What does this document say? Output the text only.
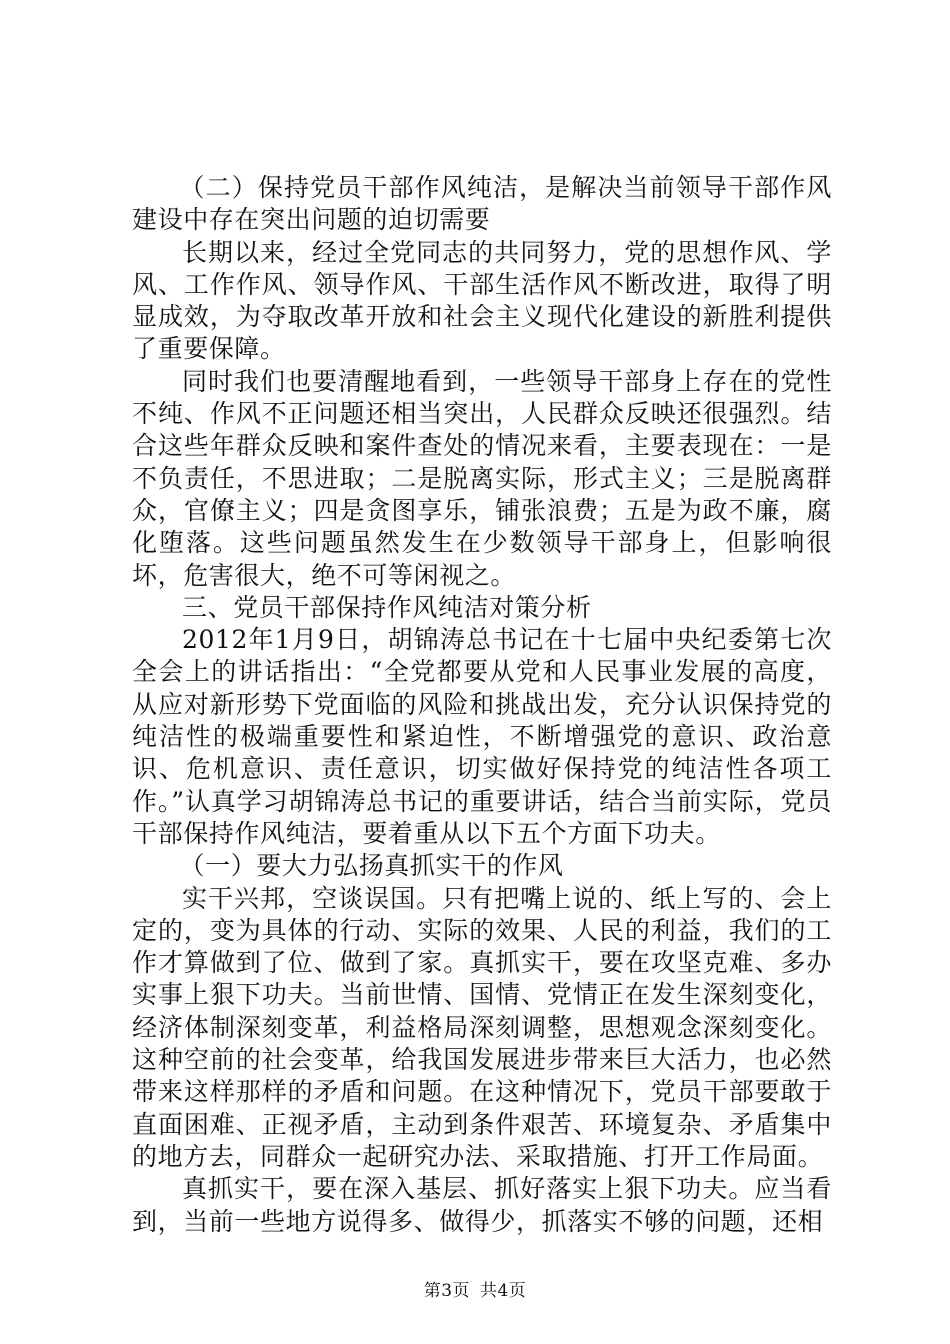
（二）保持党员干部作风纯洁，是解决当前领导干部作风建设中存在突出问题的迫切需要

长期以来，经过全党同志的共同努力，党的思想作风、学风、工作作风、领导作风、干部生活作风不断改进，取得了明显成效，为夺取改革开放和社会主义现代化建设的新胜利提供了重要保障。

同时我们也要清醒地看到，一些领导干部身上存在的党性不纯、作风不正问题还相当突出，人民群众反映还很强烈。结合这些年群众反映和案件查处的情况来看，主要表现在：一是不负责任，不思进取；二是脱离实际，形式主义；三是脱离群众，官僚主义；四是贪图享乐，铺张浪费；五是为政不廉，腐化堕落。这些问题虽然发生在少数领导干部身上，但影响很坏，危害很大，绝不可等闲视之。

三、党员干部保持作风纯洁对策分析

2012年1月9日，胡锦涛总书记在十七届中央纪委第七次全会上的讲话指出：“全党都要从党和人民事业发展的高度，从应对新形势下党面临的风险和挑战出发，充分认识保持党的纯洁性的极端重要性和紧迫性，不断增强党的意识、政治意识、危机意识、责任意识，切实做好保持党的纯洁性各项工作。”认真学习胡锦涛总书记的重要讲话，结合当前实际，党员干部保持作风纯洁，要着重从以下五个方面下功夫。

（一）要大力弘扬真抓实干的作风

实干兴邦，空谈误国。只有把嘴上说的、纸上写的、会上定的，变为具体的行动、实际的效果、人民的利益，我们的工作才算做到了位、做到了家。真抓实干，要在攻坚克难、多办实事上狠下功夫。当前世情、国情、党情正在发生深刻变化，经济体制深刻变革，利益格局深刻调整，思想观念深刻变化。这种空前的社会变革，给我国发展进步带来巨大活力，也必然带来这样那样的矛盾和问题。在这种情况下，党员干部要敢于直面困难、正视矛盾，主动到条件艰苦、环境复杂、矛盾集中的地方去，同群众一起研究办法、采取措施、打开工作局面。

真抓实干，要在深入基层、抓好落实上狠下功夫。应当看到，当前一些地方说得多、做得少，抓落实不够的问题，还相

第3页 共4页
